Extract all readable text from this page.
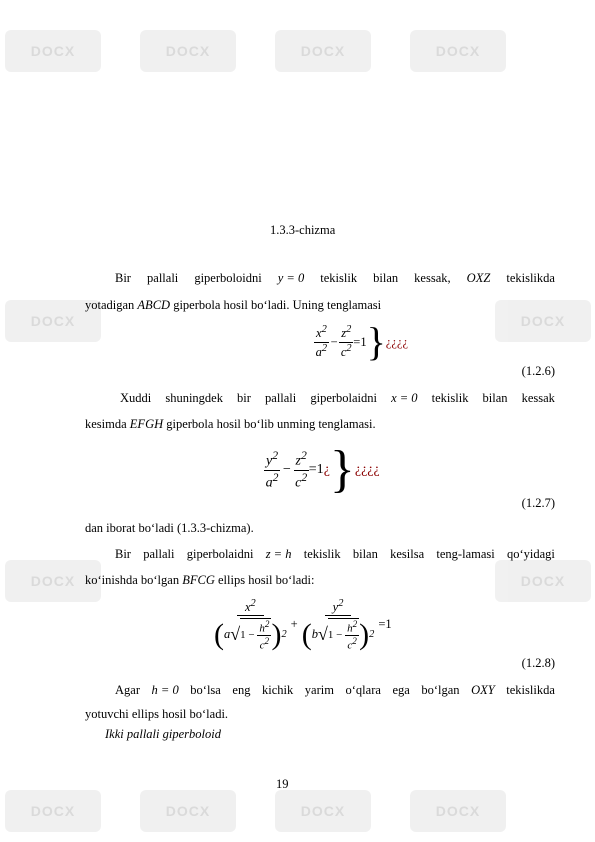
DOCX	DOCX	DOCX	DOCX
DOCX	DOCX
DOCX	DOCX
DOCX	DOCX	DOCX	DOCX
1.3.3-chizma
Bir pallali giperboloidni y = 0 tekislik bilan kessak, OXZ tekislikda
yotadigan ABCD giperbola hosil bo‘ladi. Uning tenglamasi
$\frac{x^2}{a^2} - \frac{z^2}{c^2} =1$ } ¿¿¿¿
(1.2.6)
Xuddi shuningdek bir pallali giperbolaidni x = 0 tekislik bilan kessak
kesimda EFGH giperbola hosil bo‘lib unming tenglamasi.
$\frac{y^2}{a^2} - \frac{z^2}{c^2} =1$ ¿ } ¿¿¿¿
(1.2.7)
dan iborat bo‘ladi (1.3.3-chizma).
Bir pallali giperbolaidni z = h tekislik bilan kesilsa teng-lamasi qo‘yidagi
ko‘inishda bo‘lgan BFCG ellips hosil bo‘ladi:
$x^2$
( a √ 1
−
$\frac{h^2}{c^2}$ ) 2
+
$y^2$
( b √ 1
−
$\frac{h^2}{c^2}$ ) 2
=1
(1.2.8)
Agar h = 0 bo‘lsa eng kichik yarim o‘qlara ega bo‘lgan OXY tekislikda
yotuvchi ellips hosil bo‘ladi.
Ikki pallali giperboloid
19
